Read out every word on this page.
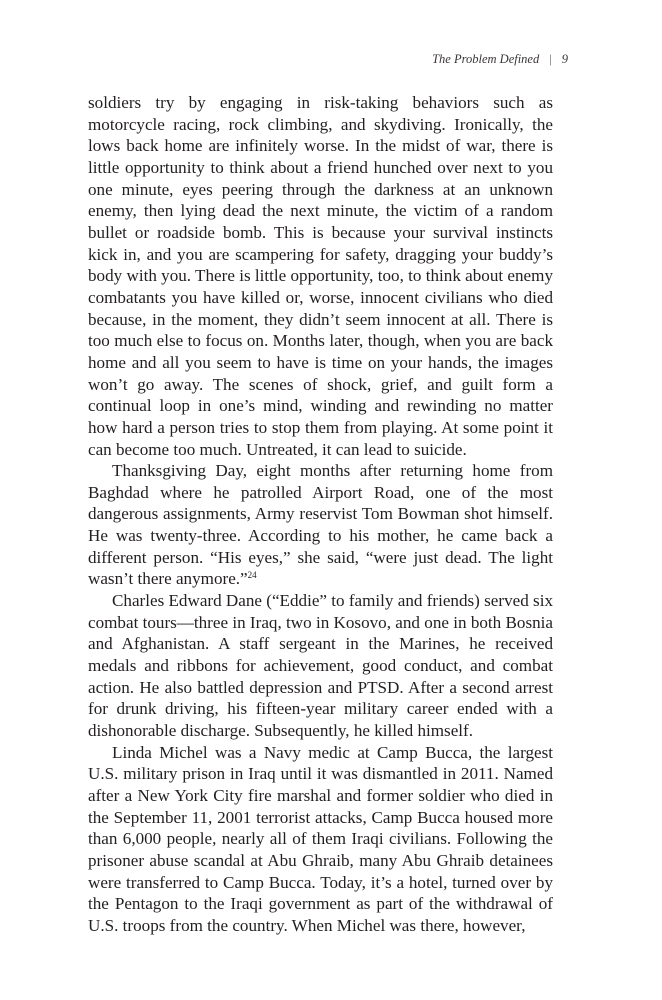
The Problem Defined | 9

soldiers try by engaging in risk-taking behaviors such as motorcycle racing, rock climbing, and skydiving. Ironically, the lows back home are infinitely worse. In the midst of war, there is little opportunity to think about a friend hunched over next to you one minute, eyes peering through the darkness at an unknown enemy, then lying dead the next minute, the victim of a random bullet or roadside bomb. This is because your survival instincts kick in, and you are scampering for safety, dragging your buddy’s body with you. There is little opportunity, too, to think about enemy combatants you have killed or, worse, innocent civilians who died because, in the moment, they didn’t seem innocent at all. There is too much else to focus on. Months later, though, when you are back home and all you seem to have is time on your hands, the images won’t go away. The scenes of shock, grief, and guilt form a continual loop in one’s mind, winding and rewinding no matter how hard a person tries to stop them from playing. At some point it can become too much. Untreated, it can lead to suicide.

Thanksgiving Day, eight months after returning home from Baghdad where he patrolled Airport Road, one of the most dangerous assignments, Army reservist Tom Bowman shot himself. He was twenty-three. According to his mother, he came back a different person. “His eyes,” she said, “were just dead. The light wasn’t there anymore.”$^{24}$

Charles Edward Dane (“Eddie” to family and friends) served six combat tours—three in Iraq, two in Kosovo, and one in both Bosnia and Afghanistan. A staff sergeant in the Marines, he received medals and ribbons for achievement, good conduct, and combat action. He also battled depression and PTSD. After a second arrest for drunk driving, his fifteen-year military career ended with a dishonorable discharge. Subsequently, he killed himself.

Linda Michel was a Navy medic at Camp Bucca, the largest U.S. military prison in Iraq until it was dismantled in 2011. Named after a New York City fire marshal and former soldier who died in the September 11, 2001 terrorist attacks, Camp Bucca housed more than 6,000 people, nearly all of them Iraqi civilians. Following the prisoner abuse scandal at Abu Ghraib, many Abu Ghraib detainees were transferred to Camp Bucca. Today, it’s a hotel, turned over by the Pentagon to the Iraqi government as part of the withdrawal of U.S. troops from the country. When Michel was there, however,
